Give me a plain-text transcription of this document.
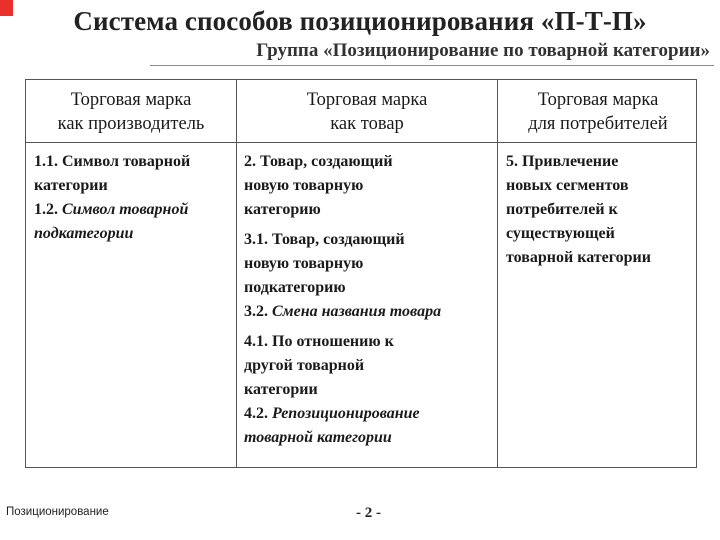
Система способов позиционирования «П-Т-П»
Группа «Позиционирование по товарной категории»
Торговая марка
как производитель
Торговая марка
как товар
Торговая марка
для потребителей
1.1. Символ товарной
категории
1.2. Символ товарной
подкатегории
2. Товар, создающий
новую товарную
категорию
3.1. Товар, создающий
новую товарную
подкатегорию
3.2. Смена названия товара
4.1. По отношению к
другой товарной
категории
4.2. Репозиционирование
товарной категории
5. Привлечение
новых сегментов
потребителей к
существующей
товарной категории
Позиционирование	- 2 -
